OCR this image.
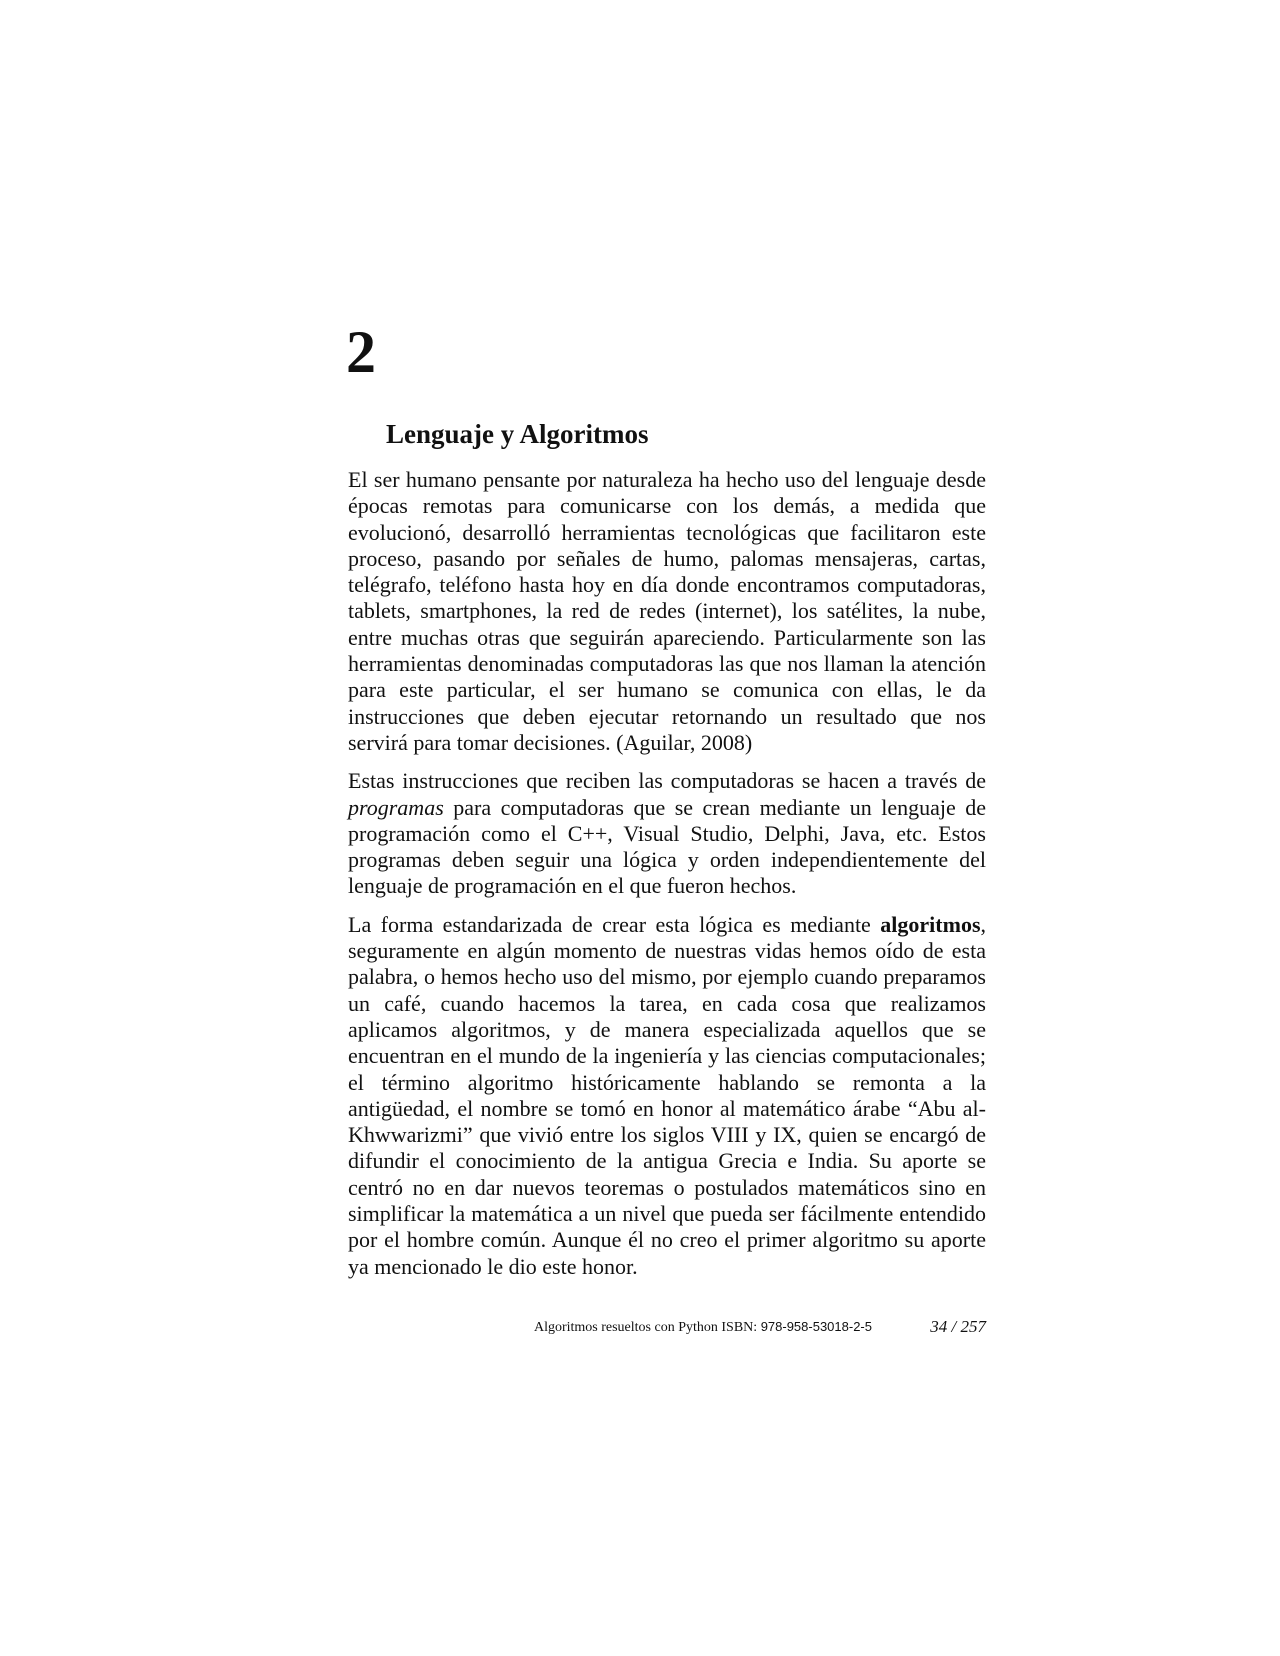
2
Lenguaje y Algoritmos

El ser humano pensante por naturaleza ha hecho uso del lenguaje desde épocas remotas para comunicarse con los demás, a medida que evolucionó, desarrolló herramientas tecnológicas que facilitaron este proceso, pasando por señales de humo, palomas mensajeras, cartas, telégrafo, teléfono hasta hoy en día donde encontramos computadoras, tablets, smartphones, la red de redes (internet), los satélites, la nube, entre muchas otras que seguirán apareciendo. Particularmente son las herramientas denominadas computadoras las que nos llaman la atención para este particular, el ser humano se comunica con ellas, le da instrucciones que deben ejecutar retornando un resultado que nos servirá para tomar decisiones. (Aguilar, 2008)

Estas instrucciones que reciben las computadoras se hacen a través de programas para computadoras que se crean mediante un lenguaje de programación como el C++, Visual Studio, Delphi, Java, etc. Estos programas deben seguir una lógica y orden independientemente del lenguaje de programación en el que fueron hechos.

La forma estandarizada de crear esta lógica es mediante algoritmos, seguramente en algún momento de nuestras vidas hemos oído de esta palabra, o hemos hecho uso del mismo, por ejemplo cuando preparamos un café, cuando hacemos la tarea, en cada cosa que realizamos aplicamos algoritmos, y de manera especializada aquellos que se encuentran en el mundo de la ingeniería y las ciencias computacionales; el término algoritmo históricamente hablando se remonta a la antigüedad, el nombre se tomó en honor al matemático árabe “Abu al-Khwwarizmi” que vivió entre los siglos VIII y IX, quien se encargó de difundir el conocimiento de la antigua Grecia e India. Su aporte se centró no en dar nuevos teoremas o postulados matemáticos sino en simplificar la matemática a un nivel que pueda ser fácilmente entendido por el hombre común. Aunque él no creo el primer algoritmo su aporte ya mencionado le dio este honor.

Algoritmos resueltos con Python ISBN: 978-958-53018-2-5	34 / 257
